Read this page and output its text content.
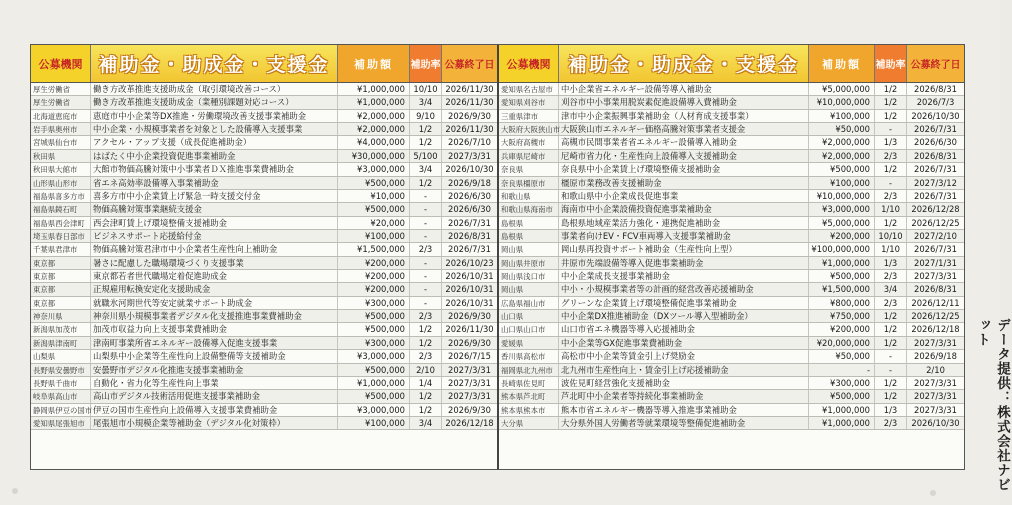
公募機関 補助金・助成金・支援金	補助額	補助率 公募終了日
厚生労働省	働き方改革推進支援助成金（取引環境改善コース）	¥1,000,000	10/10 2026/11/30
厚生労働省	働き方改革推進支援助成金（業種別課題対応コース）	¥1,000,000	3/4	2026/11/30
北海道恵庭市	恵庭市中小企業等DX推進・労働環境改善支援事業補助金	¥2,000,000	9/10	2026/9/30
岩手県奥州市	中小企業・小規模事業者を対象とした設備導入支援事業	¥2,000,000	1/2	2026/11/30
宮城県仙台市	アクセル・アップ支援（成長促進補助金）	¥4,000,000	1/2	2026/7/10
秋田県	はばたく中小企業投資促進事業補助金	¥30,000,000	5/100	2027/3/31
秋田県大館市	大館市物価高騰対策中小事業者ＤＸ推進事業費補助金	¥3,000,000	3/4	2026/10/30
山形県山形市	省エネ高効率設備導入事業補助金	¥500,000	1/2	2026/9/18
福島県喜多方市 喜多方市中小企業賃上げ緊急一時支援交付金	¥10,000	-	2026/6/30
福島県鏡石町	物価高騰対策事業継続支援金	¥500,000	-	2026/6/30
福島県西会津町 西会津町賃上げ環境整備支援補助金	¥20,000	-	2026/7/31
埼玉県春日部市 ビジネスサポート応援給付金	¥100,000	-	2026/8/31
千葉県君津市	物価高騰対策君津市中小企業者生産性向上補助金	¥1,500,000	2/3	2026/7/31
東京都	暑さに配慮した職場環境づくり支援事業	¥200,000	-	2026/10/23
東京都	東京都若者世代職場定着促進助成金	¥200,000	-	2026/10/31
東京都	正規雇用転換安定化支援助成金	¥200,000	-	2026/10/31
東京都	就職氷河期世代等安定就業サポート助成金	¥300,000	-	2026/10/31
神奈川県	神奈川県小規模事業者デジタル化支援推進事業費補助金	¥500,000	2/3	2026/9/30
新潟県加茂市	加茂市収益力向上支援事業費補助金	¥500,000	1/2	2026/11/30
新潟県津南町	津南町事業所省エネルギー設備導入促進支援事業	¥300,000	1/2	2026/9/30
山梨県	山梨県中小企業等生産性向上設備整備等支援補助金	¥3,000,000	2/3	2026/7/15
長野県安曇野市 安曇野市デジタル化推進支援事業補助金	¥500,000	2/10	2027/3/31
長野県千曲市	自動化・省力化等生産性向上事業	¥1,000,000	1/4	2027/3/31
岐阜県高山市	高山市デジタル技術活用促進支援事業補助金	¥500,000	1/2	2027/3/31
静岡県伊豆の国市 伊豆の国市生産性向上設備導入支援事業費補助金	¥3,000,000	1/2	2026/9/30
愛知県尾張旭市 尾張旭市小規模企業等補助金（デジタル化対策枠）	¥100,000	3/4	2026/12/18
公募機関 補助金・助成金・支援金	補助額	補助率 公募終了日
愛知県名古屋市 中小企業省エネルギー設備等導入補助金	¥5,000,000	1/2	2026/8/31
愛知県刈谷市	刈谷市中小事業用脱炭素促進設備導入費補助金	¥10,000,000	1/2	2026/7/3
三重県津市	津市中小企業振興事業補助金（人材育成支援事業）	¥100,000	1/2	2026/10/30
大阪府大阪狭山市 大阪狭山市エネルギー価格高騰対策事業者支援金	¥50,000	-	2026/7/31
大阪府高槻市	高槻市民間事業者省エネルギー設備導入補助金	¥2,000,000	1/3	2026/6/30
兵庫県尼崎市	尼崎市省力化・生産性向上設備導入支援補助金	¥2,000,000	2/3	2026/8/31
奈良県	奈良県中小企業賃上げ環境整備支援補助金	¥500,000	1/2	2026/7/31
奈良県橿原市	橿原市業務改善支援補助金	¥100,000	-	2027/3/12
和歌山県	和歌山県中小企業成長促進事業	¥10,000,000	2/3	2026/7/31
和歌山県海南市 海南市中小企業設備投資促進事業補助金	¥3,000,000	1/10	2026/12/28
島根県	島根県地域産業活力強化・連携促進補助金	¥5,000,000	1/2	2026/12/25
島根県	事業者向けEV・FCV車両導入支援事業補助金	¥200,000	10/10	2027/2/10
岡山県	岡山県再投資サポート補助金（生産性向上型）	¥100,000,000	1/10	2026/7/31
岡山県井原市	井原市先端設備等導入促進事業補助金	¥1,000,000	1/3	2027/1/31
岡山県浅口市	中小企業成長支援事業補助金	¥500,000	2/3	2027/3/31
岡山県	中小・小規模事業者等の計画的経営改善応援補助金	¥1,500,000	3/4	2026/8/31
広島県福山市	グリーンな企業賃上げ環境整備促進事業補助金	¥800,000	2/3	2026/12/11
山口県	中小企業DX推進補助金（DXツール導入型補助金）	¥750,000	1/2	2026/12/25
山口県山口市	山口市省エネ機器等導入応援補助金	¥200,000	1/2	2026/12/18
愛媛県	中小企業等GX促進事業費補助金	¥20,000,000	1/2	2027/3/31
香川県高松市	高松市中小企業等賃金引上げ奨励金	¥50,000	-	2026/9/18
福岡県北九州市 北九州市生産性向上・賃金引上げ応援補助金	-	-	2/10
長崎県佐見町	波佐見町経営強化支援補助金	¥300,000	1/2	2027/3/31
熊本県芦北町	芦北町中小企業者等持続化事業補助金	¥500,000	1/2	2027/3/31
熊本県熊本市	熊本市省エネルギー機器等導入推進事業補助金	¥1,000,000	1/3	2027/3/31
大分県	大分県外国人労働者等就業環境等整備促進補助金	¥1,000,000	2/3	2026/10/30	データ提供：株式会社ナビット
